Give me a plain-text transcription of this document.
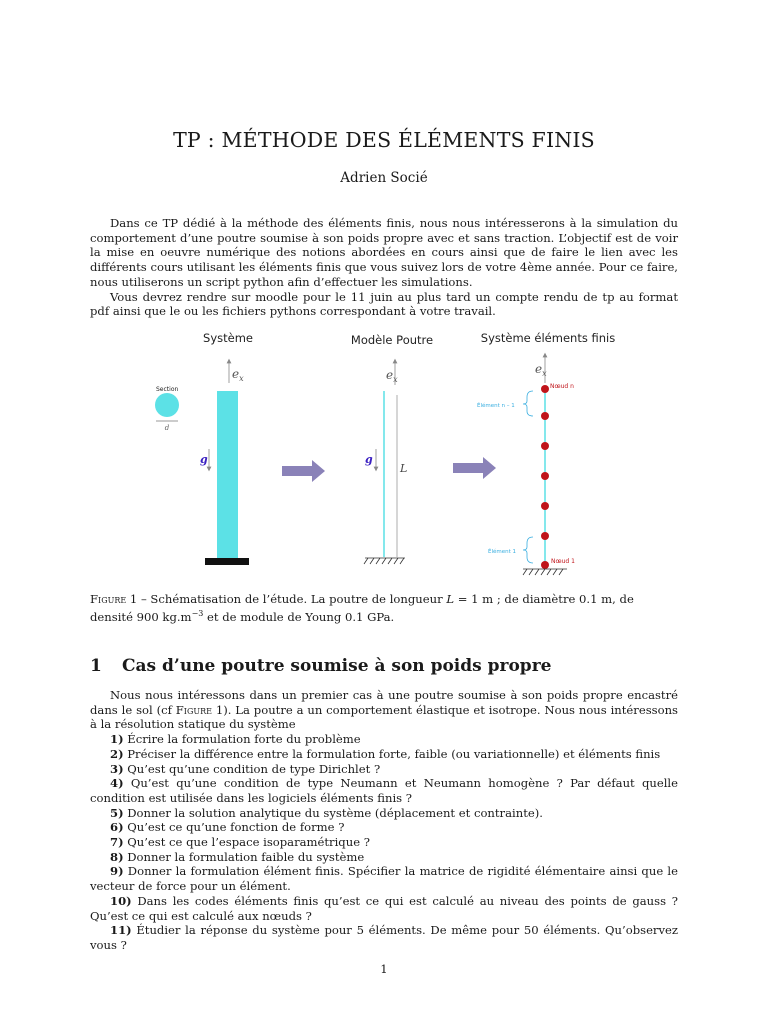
TP : MÉTHODE DES ÉLÉMENTS FINIS
Adrien Socié

Dans ce TP dédié à la méthode des éléments finis, nous nous intéresserons à la simulation du comportement d’une poutre soumise à son poids propre avec et sans traction. L’objectif est de voir la mise en oeuvre numérique des notions abordées en cours ainsi que de faire le lien avec les différents cours utilisant les éléments finis que vous suivez lors de votre 4ème année. Pour ce faire, nous utiliserons un script python afin d’effectuer les simulations.

Vous devrez rendre sur moodle pour le 11 juin au plus tard un compte rendu de tp au format pdf ainsi que le ou les fichiers pythons correspondant à votre travail.

Système
Section
d
$e_x$
g
Modèle Poutre
$e_x$
L
g
Système éléments finis
$e_x$
Nœud n
Nœud 1
Élément n – 1
Élément 1
Figure 1 – Schématisation de l’étude. La poutre de longueur L = 1 m ; de diamètre 0.1 m, de densité 900 $kg.m^{-3}$ et de module de Young 0.1 GPa.
1 Cas d’une poutre soumise à son poids propre

Nous nous intéressons dans un premier cas à une poutre soumise à son poids propre encastré dans le sol (cf Figure 1). La poutre a un comportement élastique et isotrope. Nous nous intéressons à la résolution statique du système

1) Écrire la formulation forte du problème

2) Préciser la différence entre la formulation forte, faible (ou variationnelle) et éléments finis

3) Qu’est qu’une condition de type Dirichlet ?

4) Qu’est qu’une condition de type Neumann et Neumann homogène ? Par défaut quelle condition est utilisée dans les logiciels éléments finis ?

5) Donner la solution analytique du système (déplacement et contrainte).

6) Qu’est ce qu’une fonction de forme ?

7) Qu’est ce que l’espace isoparamétrique ?

8) Donner la formulation faible du système

9) Donner la formulation élément finis. Spécifier la matrice de rigidité élémentaire ainsi que le vecteur de force pour un élément.

10) Dans les codes éléments finis qu’est ce qui est calculé au niveau des points de gauss ? Qu’est ce qui est calculé aux nœuds ?

11) Étudier la réponse du système pour 5 éléments. De même pour 50 éléments. Qu’observez vous ?

1
